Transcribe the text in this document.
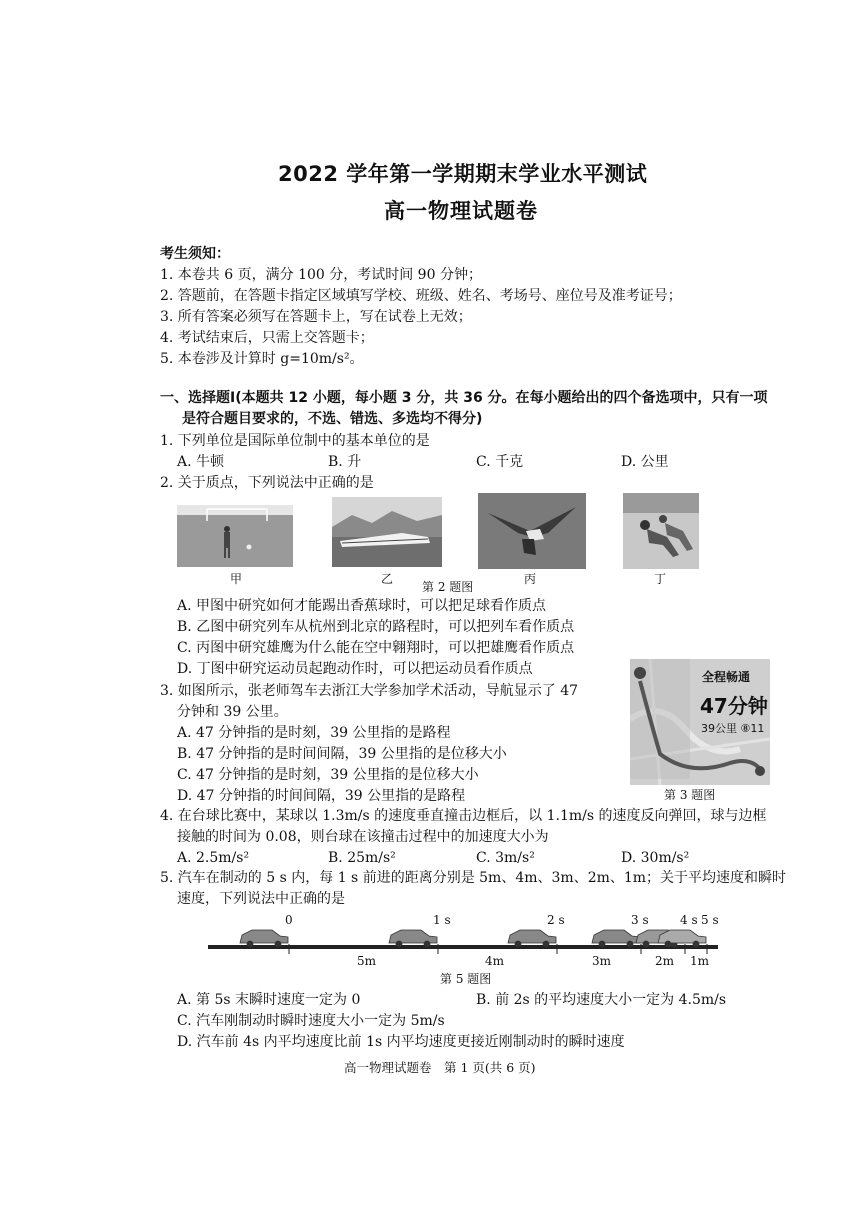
2022 学年第一学期期末学业水平测试
高一物理试题卷
考生须知：
1. 本卷共 6 页，满分 100 分，考试时间 90 分钟；
2. 答题前，在答题卡指定区域填写学校、班级、姓名、考场号、座位号及准考证号；
3. 所有答案必须写在答题卡上，写在试卷上无效；
4. 考试结束后，只需上交答题卡；
5. 本卷涉及计算时 g=10m/s²。
一、选择题Ⅰ(本题共 12 小题，每小题 3 分，共 36 分。在每小题给出的四个备选项中，只有一项
是符合题目要求的，不选、错选、多选均不得分)
1. 下列单位是国际单位制中的基本单位的是
A. 牛顿	B. 升	C. 千克	D. 公里
2. 关于质点，下列说法中正确的是
甲	乙	丙	丁
第 2 题图
A. 甲图中研究如何才能踢出香蕉球时，可以把足球看作质点
B. 乙图中研究列车从杭州到北京的路程时，可以把列车看作质点
C. 丙图中研究雄鹰为什么能在空中翱翔时，可以把雄鹰看作质点
D. 丁图中研究运动员起跑动作时，可以把运动员看作质点	全程畅通
47分钟
39公里 ⑧11
第 3 题图
3. 如图所示，张老师驾车去浙江大学参加学术活动，导航显示了 47
分钟和 39 公里。
A. 47 分钟指的是时刻，39 公里指的是路程
B. 47 分钟指的是时间间隔，39 公里指的是位移大小
C. 47 分钟指的是时刻，39 公里指的是位移大小
D. 47 分钟指的时间间隔，39 公里指的是路程
4. 在台球比赛中，某球以 1.3m/s 的速度垂直撞击边框后，以 1.1m/s 的速度反向弹回，球与边框
接触的时间为 0.08，则台球在该撞击过程中的加速度大小为
A. 2.5m/s²	B. 25m/s²	C. 3m/s²	D. 30m/s²
5. 汽车在制动的 5 s 内，每 1 s 前进的距离分别是 5m、4m、3m、2m、1m；关于平均速度和瞬时
速度，下列说法中正确的是
0	1 s	2 s	3 s	4 s 5 s
5m	4m	3m	2m 1m
第 5 题图
A. 第 5s 末瞬时速度一定为 0	B. 前 2s 的平均速度大小一定为 4.5m/s
C. 汽车刚制动时瞬时速度大小一定为 5m/s
D. 汽车前 4s 内平均速度比前 1s 内平均速度更接近刚制动时的瞬时速度
高一物理试题卷　第 1 页(共 6 页)
